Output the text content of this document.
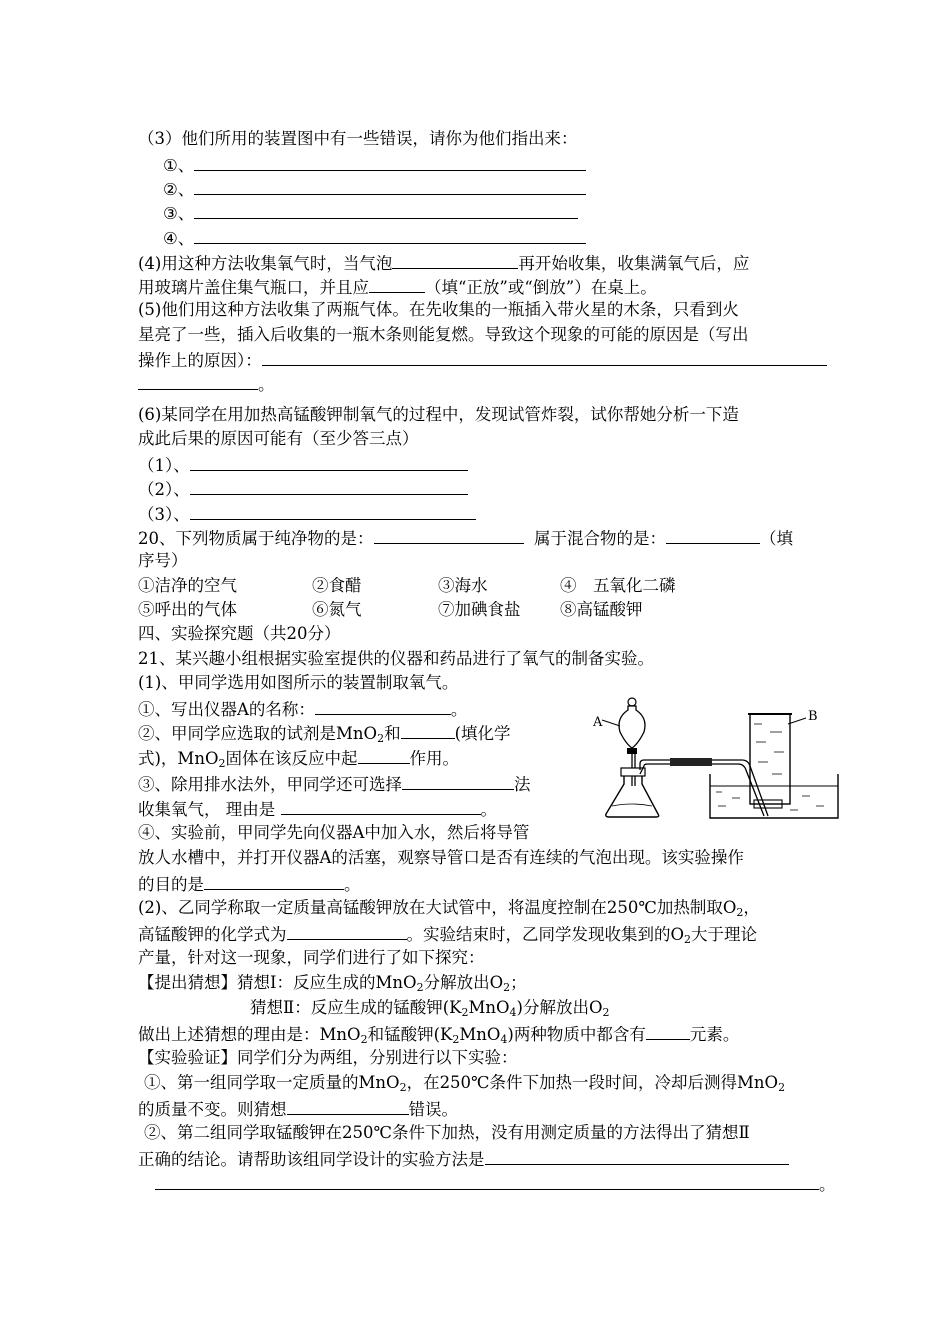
（3）他们所用的装置图中有一些错误，请你为他们指出来：
①、
②、
③、
④、
(4)用这种方法收集氧气时，当气泡	再开始收集，收集满氧气后，应
用玻璃片盖住集气瓶口，并且应	（填“正放”或“倒放”）在桌上。
(5)他们用这种方法收集了两瓶气体。在先收集的一瓶插入带火星的木条，只看到火
星亮了一些，插入后收集的一瓶木条则能复燃。导致这个现象的可能的原因是（写出
操作上的原因）：
。
(6)某同学在用加热高锰酸钾制氧气的过程中，发现试管炸裂，试你帮她分析一下造
成此后果的原因可能有（至少答三点）
（1）、
（2）、
（3）、
20、下列物质属于纯净物的是：	属于混合物的是：	（填
序号）
①洁净的空气	②食醋	③海水	④　五氧化二磷
⑤呼出的气体	⑥氮气	⑦加碘食盐 ⑧高锰酸钾
四、实验探究题（共20分）
21、某兴趣小组根据实验室提供的仪器和药品进行了氧气的制备实验。
(1)、甲同学选用如图所示的装置制取氧气。
①、写出仪器A的名称：	。
②、甲同学应选取的试剂是MnO$_2$和	(填化学
式)，MnO$_2$固体在该反应中起	作用。
③、除用排水法外，甲同学还可选择	法
收集氧气， 理由是	。
④、实验前，甲同学先向仪器A中加入水，然后将导管
放人水槽中，并打开仪器A的活塞，观察导管口是否有连续的气泡出现。该实验操作
的目的是	。
(2)、乙同学称取一定质量高锰酸钾放在大试管中，将温度控制在250℃加热制取$O_2$，
高锰酸钾的化学式为	。实验结束时，乙同学发现收集到的$O_2$大于理论
产量，针对这一现象，同学们进行了如下探究：
【提出猜想】猜想Ⅰ：反应生成的MnO$_2$分解放出$O_2$；
猜想Ⅱ：反应生成的锰酸钾$(K_2MnO_4)$分解放出$O_2$
做出上述猜想的理由是：MnO$_2$和锰酸钾$(K_2MnO_4)$两种物质中都含有	元素。
【实验验证】同学们分为两组，分别进行以下实验：
①、第一组同学取一定质量的MnO$_2$，在250℃条件下加热一段时间，冷却后测得MnO$_2$
的质量不变。则猜想	错误。
②、第二组同学取锰酸钾在250℃条件下加热，没有用测定质量的方法得出了猜想Ⅱ
正确的结论。请帮助该组同学设计的实验方法是
。
A	B
